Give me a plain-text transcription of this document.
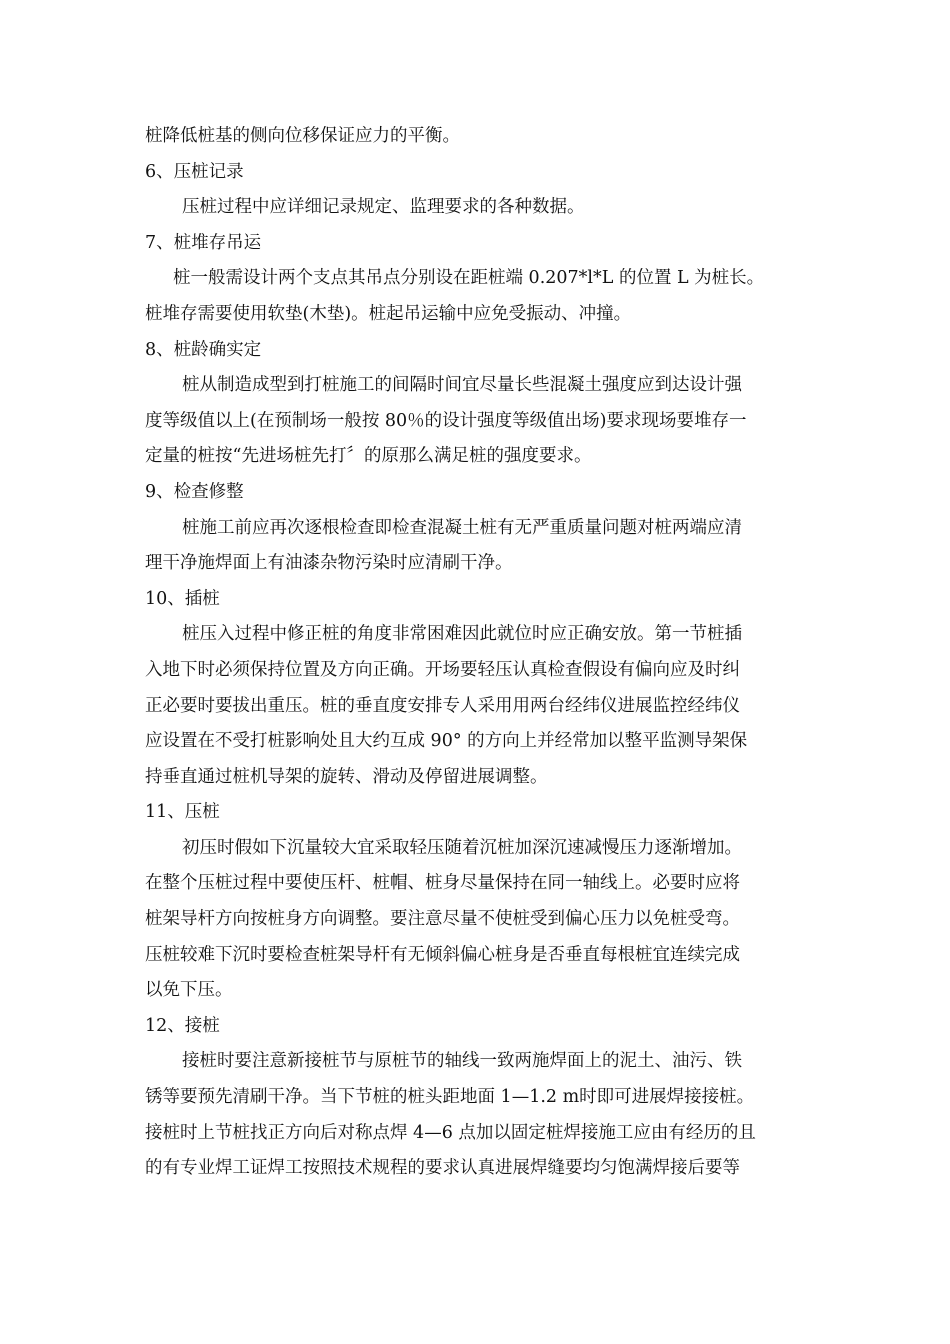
桩降低桩基的侧向位移保证应力的平衡。
6、压桩记录
压桩过程中应详细记录规定、监理要求的各种数据。
7、桩堆存吊运
桩一般需设计两个支点其吊点分别设在距桩端 0.207*l*L 的位置 L 为桩长。
桩堆存需要使用软垫(木垫)。桩起吊运输中应免受振动、冲撞。
8、桩龄确实定
桩从制造成型到打桩施工的间隔时间宜尽量长些混凝土强度应到达设计强
度等级值以上(在预制场一般按 80％的设计强度等级值出场)要求现场要堆存一
定量的桩按“先进场桩先打〞的原那么满足桩的强度要求。
9、检查修整
桩施工前应再次逐根检查即检查混凝土桩有无严重质量问题对桩两端应清
理干净施焊面上有油漆杂物污染时应清刷干净。
10、插桩
桩压入过程中修正桩的角度非常困难因此就位时应正确安放。第一节桩插
入地下时必须保持位置及方向正确。开场要轻压认真检查假设有偏向应及时纠
正必要时要拔出重压。桩的垂直度安排专人采用用两台经纬仪进展监控经纬仪
应设置在不受打桩影响处且大约互成 90° 的方向上并经常加以整平监测导架保
持垂直通过桩机导架的旋转、滑动及停留进展调整。
11、压桩
初压时假如下沉量较大宜采取轻压随着沉桩加深沉速减慢压力逐渐增加。
在整个压桩过程中要使压杆、桩帽、桩身尽量保持在同一轴线上。必要时应将
桩架导杆方向按桩身方向调整。要注意尽量不使桩受到偏心压力以免桩受弯。
压桩较难下沉时要检查桩架导杆有无倾斜偏心桩身是否垂直每根桩宜连续完成
以免下压。
12、接桩
接桩时要注意新接桩节与原桩节的轴线一致两施焊面上的泥土、油污、铁
锈等要预先清刷干净。当下节桩的桩头距地面 1—1.2 m时即可进展焊接接桩。
接桩时上节桩找正方向后对称点焊 4—6 点加以固定桩焊接施工应由有经历的且
的有专业焊工证焊工按照技术规程的要求认真进展焊缝要均匀饱满焊接后要等
